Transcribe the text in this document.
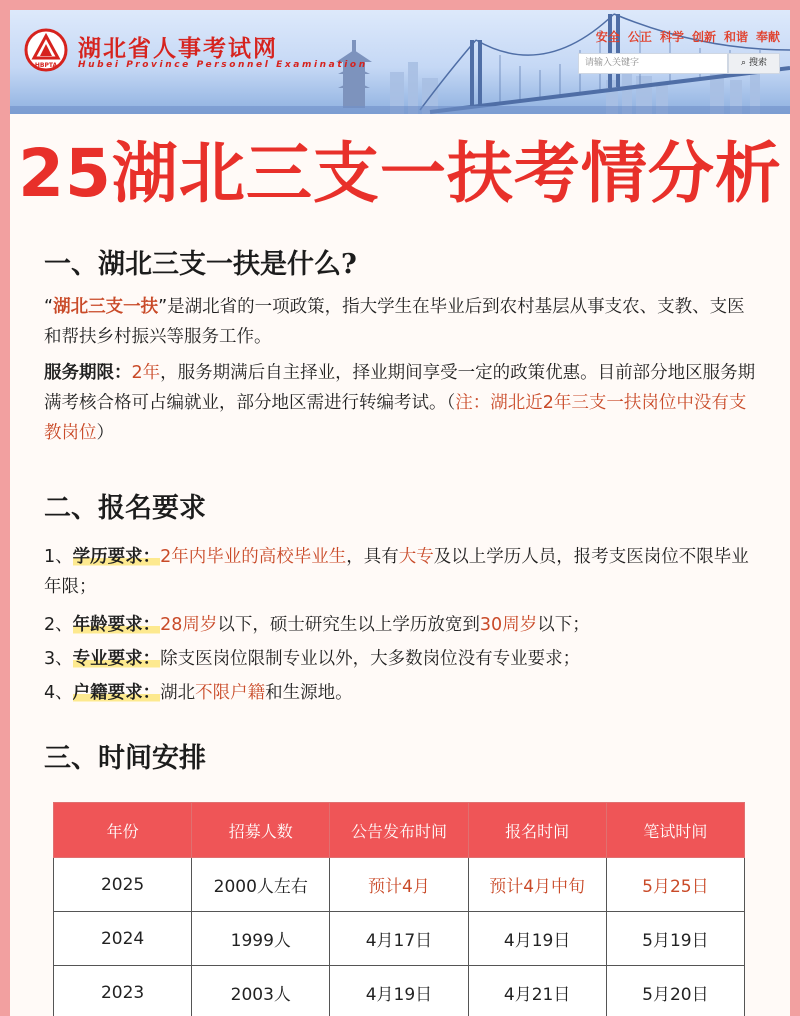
HBPTA
湖北省人事考试网
Hubei Province Personnel Examination
安全 公正 科学 创新 和谐 奉献
请输入关键字	⌕ 搜索
25湖北三支一扶考情分析
一、湖北三支一扶是什么?
“湖北三支一扶”是湖北省的一项政策，指大学生在毕业后到农村基层从事支农、支教、支医和帮扶乡村振兴等服务工作。
服务期限：2年，服务期满后自主择业，择业期间享受一定的政策优惠。目前部分地区服务期满考核合格可占编就业，部分地区需进行转编考试。（注：湖北近2年三支一扶岗位中没有支教岗位）
二、报名要求
1、学历要求：2年内毕业的高校毕业生，具有大专及以上学历人员，报考支医岗位不限毕业年限；
2、年龄要求：28周岁以下，硕士研究生以上学历放宽到30周岁以下；
3、专业要求：除支医岗位限制专业以外，大多数岗位没有专业要求；
4、户籍要求：湖北不限户籍和生源地。
三、时间安排
年份	招募人数	公告发布时间	报名时间	笔试时间
2025	2000人左右	预计4月	预计4月中旬	5月25日
2024	1999人	4月17日	4月19日	5月19日
2023	2003人	4月19日	4月21日	5月20日
